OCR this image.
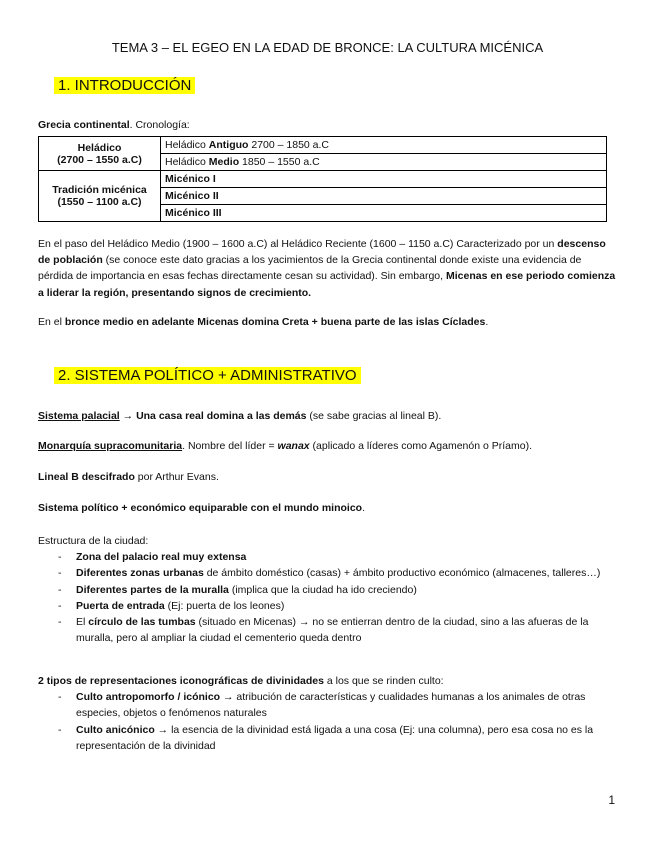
TEMA 3 – EL EGEO EN LA EDAD DE BRONCE: LA CULTURA MICÉNICA
1. INTRODUCCIÓN
Grecia continental. Cronología:
Heládico
(2700 – 1550 a.C)	Heládico Antiguo 2700 – 1850 a.C
	Heládico Medio 1850 – 1550 a.C

Tradición micénica
(1550 – 1100 a.C)	Micénico I
	Micénico II
	Micénico III
En el paso del Heládico Medio (1900 – 1600 a.C) al Heládico Reciente (1600 – 1150 a.C) Caracterizado por un descenso de población (se conoce este dato gracias a los yacimientos de la Grecia continental donde existe una evidencia de pérdida de importancia en esas fechas directamente cesan su actividad). Sin embargo, Micenas en ese periodo comienza a liderar la región, presentando signos de crecimiento.
En el bronce medio en adelante Micenas domina Creta + buena parte de las islas Cíclades.
2. SISTEMA POLÍTICO + ADMINISTRATIVO
Sistema palacial → Una casa real domina a las demás (se sabe gracias al lineal B).
Monarquía supracomunitaria. Nombre del líder = wanax (aplicado a líderes como Agamenón o Príamo).
Lineal B descifrado por Arthur Evans.
Sistema político + económico equiparable con el mundo minoico.
Estructura de la ciudad:
- Zona del palacio real muy extensa
- Diferentes zonas urbanas de ámbito doméstico (casas) + ámbito productivo económico (almacenes, talleres…)
- Diferentes partes de la muralla (implica que la ciudad ha ido creciendo)
- Puerta de entrada (Ej: puerta de los leones)
- El círculo de las tumbas (situado en Micenas) → no se entierran dentro de la ciudad, sino a las afueras de la muralla, pero al ampliar la ciudad el cementerio queda dentro
2 tipos de representaciones iconográficas de divinidades a los que se rinden culto:
- Culto antropomorfo / icónico → atribución de características y cualidades humanas a los animales de otras especies, objetos o fenómenos naturales
- Culto anicónico → la esencia de la divinidad está ligada a una cosa (Ej: una columna), pero esa cosa no es la representación de la divinidad
1
